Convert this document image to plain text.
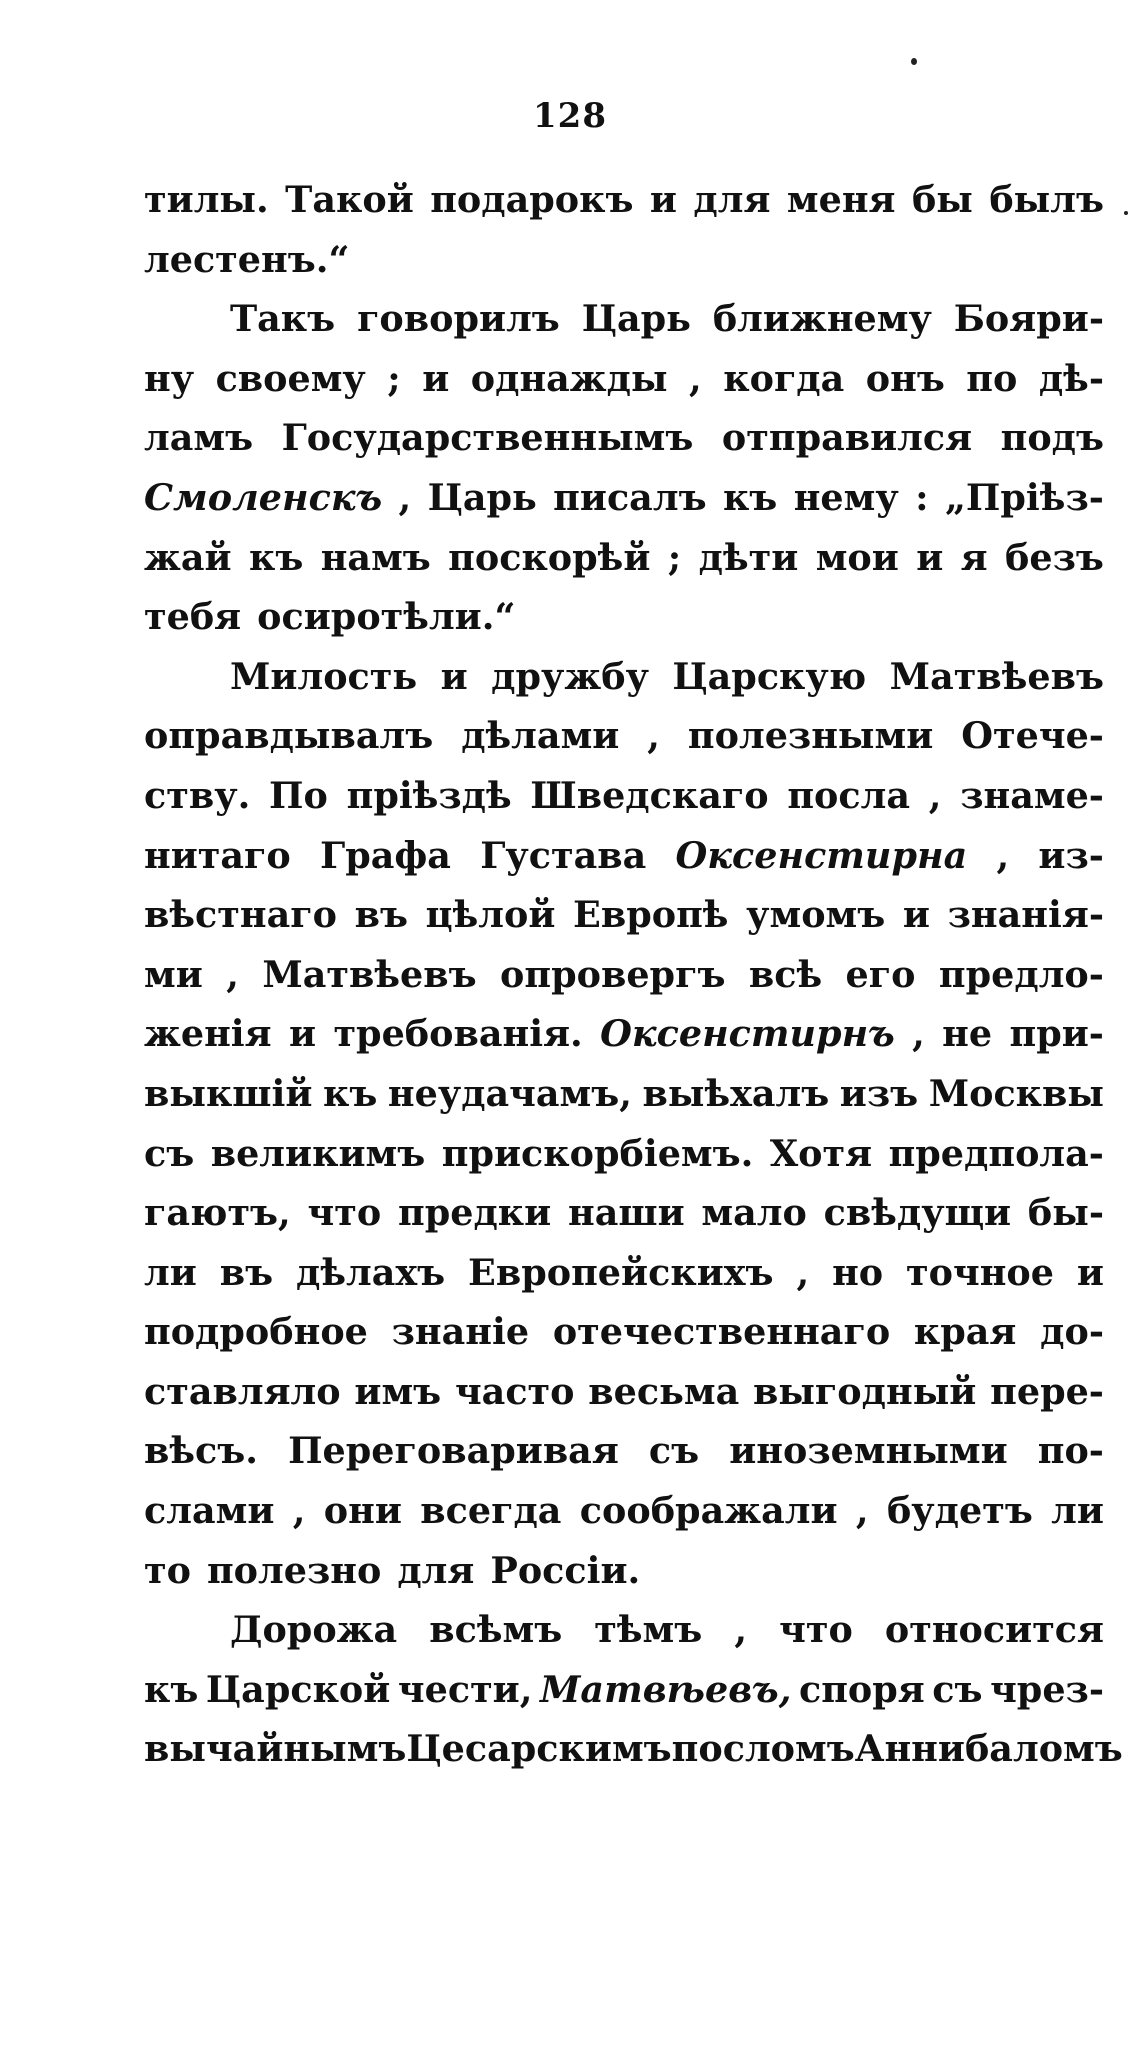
128
тилы. Такой подарокъ и для меня бы былъ
лестенъ.“
Такъ говорилъ Царь ближнему Бояри-
ну своему ; и однажды , когда онъ по дѣ-
ламъ Государственнымъ отправился подъ
Смоленскъ , Царь писалъ къ нему : „Пріѣз-
жай къ намъ поскорѣй ; дѣти мои и я безъ
тебя осиротѣли.“
Милость и дружбу Царскую Матвѣевъ
оправдывалъ дѣлами , полезными Отече-
ству. По пріѣздѣ Шведскаго посла , знаме-
нитаго Графа Густава Оксенстирна , из-
вѣстнаго въ цѣлой Европѣ умомъ и знанія-
ми , Матвѣевъ опровергъ всѣ его предло-
женія и требованія. Оксенстирнъ , не при-
выкшій къ неудачамъ, выѣхалъ изъ Москвы
съ великимъ прискорбіемъ. Хотя предпола-
гаютъ, что предки наши мало свѣдущи бы-
ли въ дѣлахъ Европейскихъ , но точное и
подробное знаніе отечественнаго края до-
ставляло имъ часто весьма выгодный пере-
вѣсъ. Переговаривая съ иноземными по-
слами , они всегда соображали , будетъ ли
то полезно для Россіи.
Дорожа всѣмъ тѣмъ , что относится
къ Царской чести, Матвѣевъ, споря съ чрез-
вычайнымъ Цесарскимъ посломъ Аннибаломъ
